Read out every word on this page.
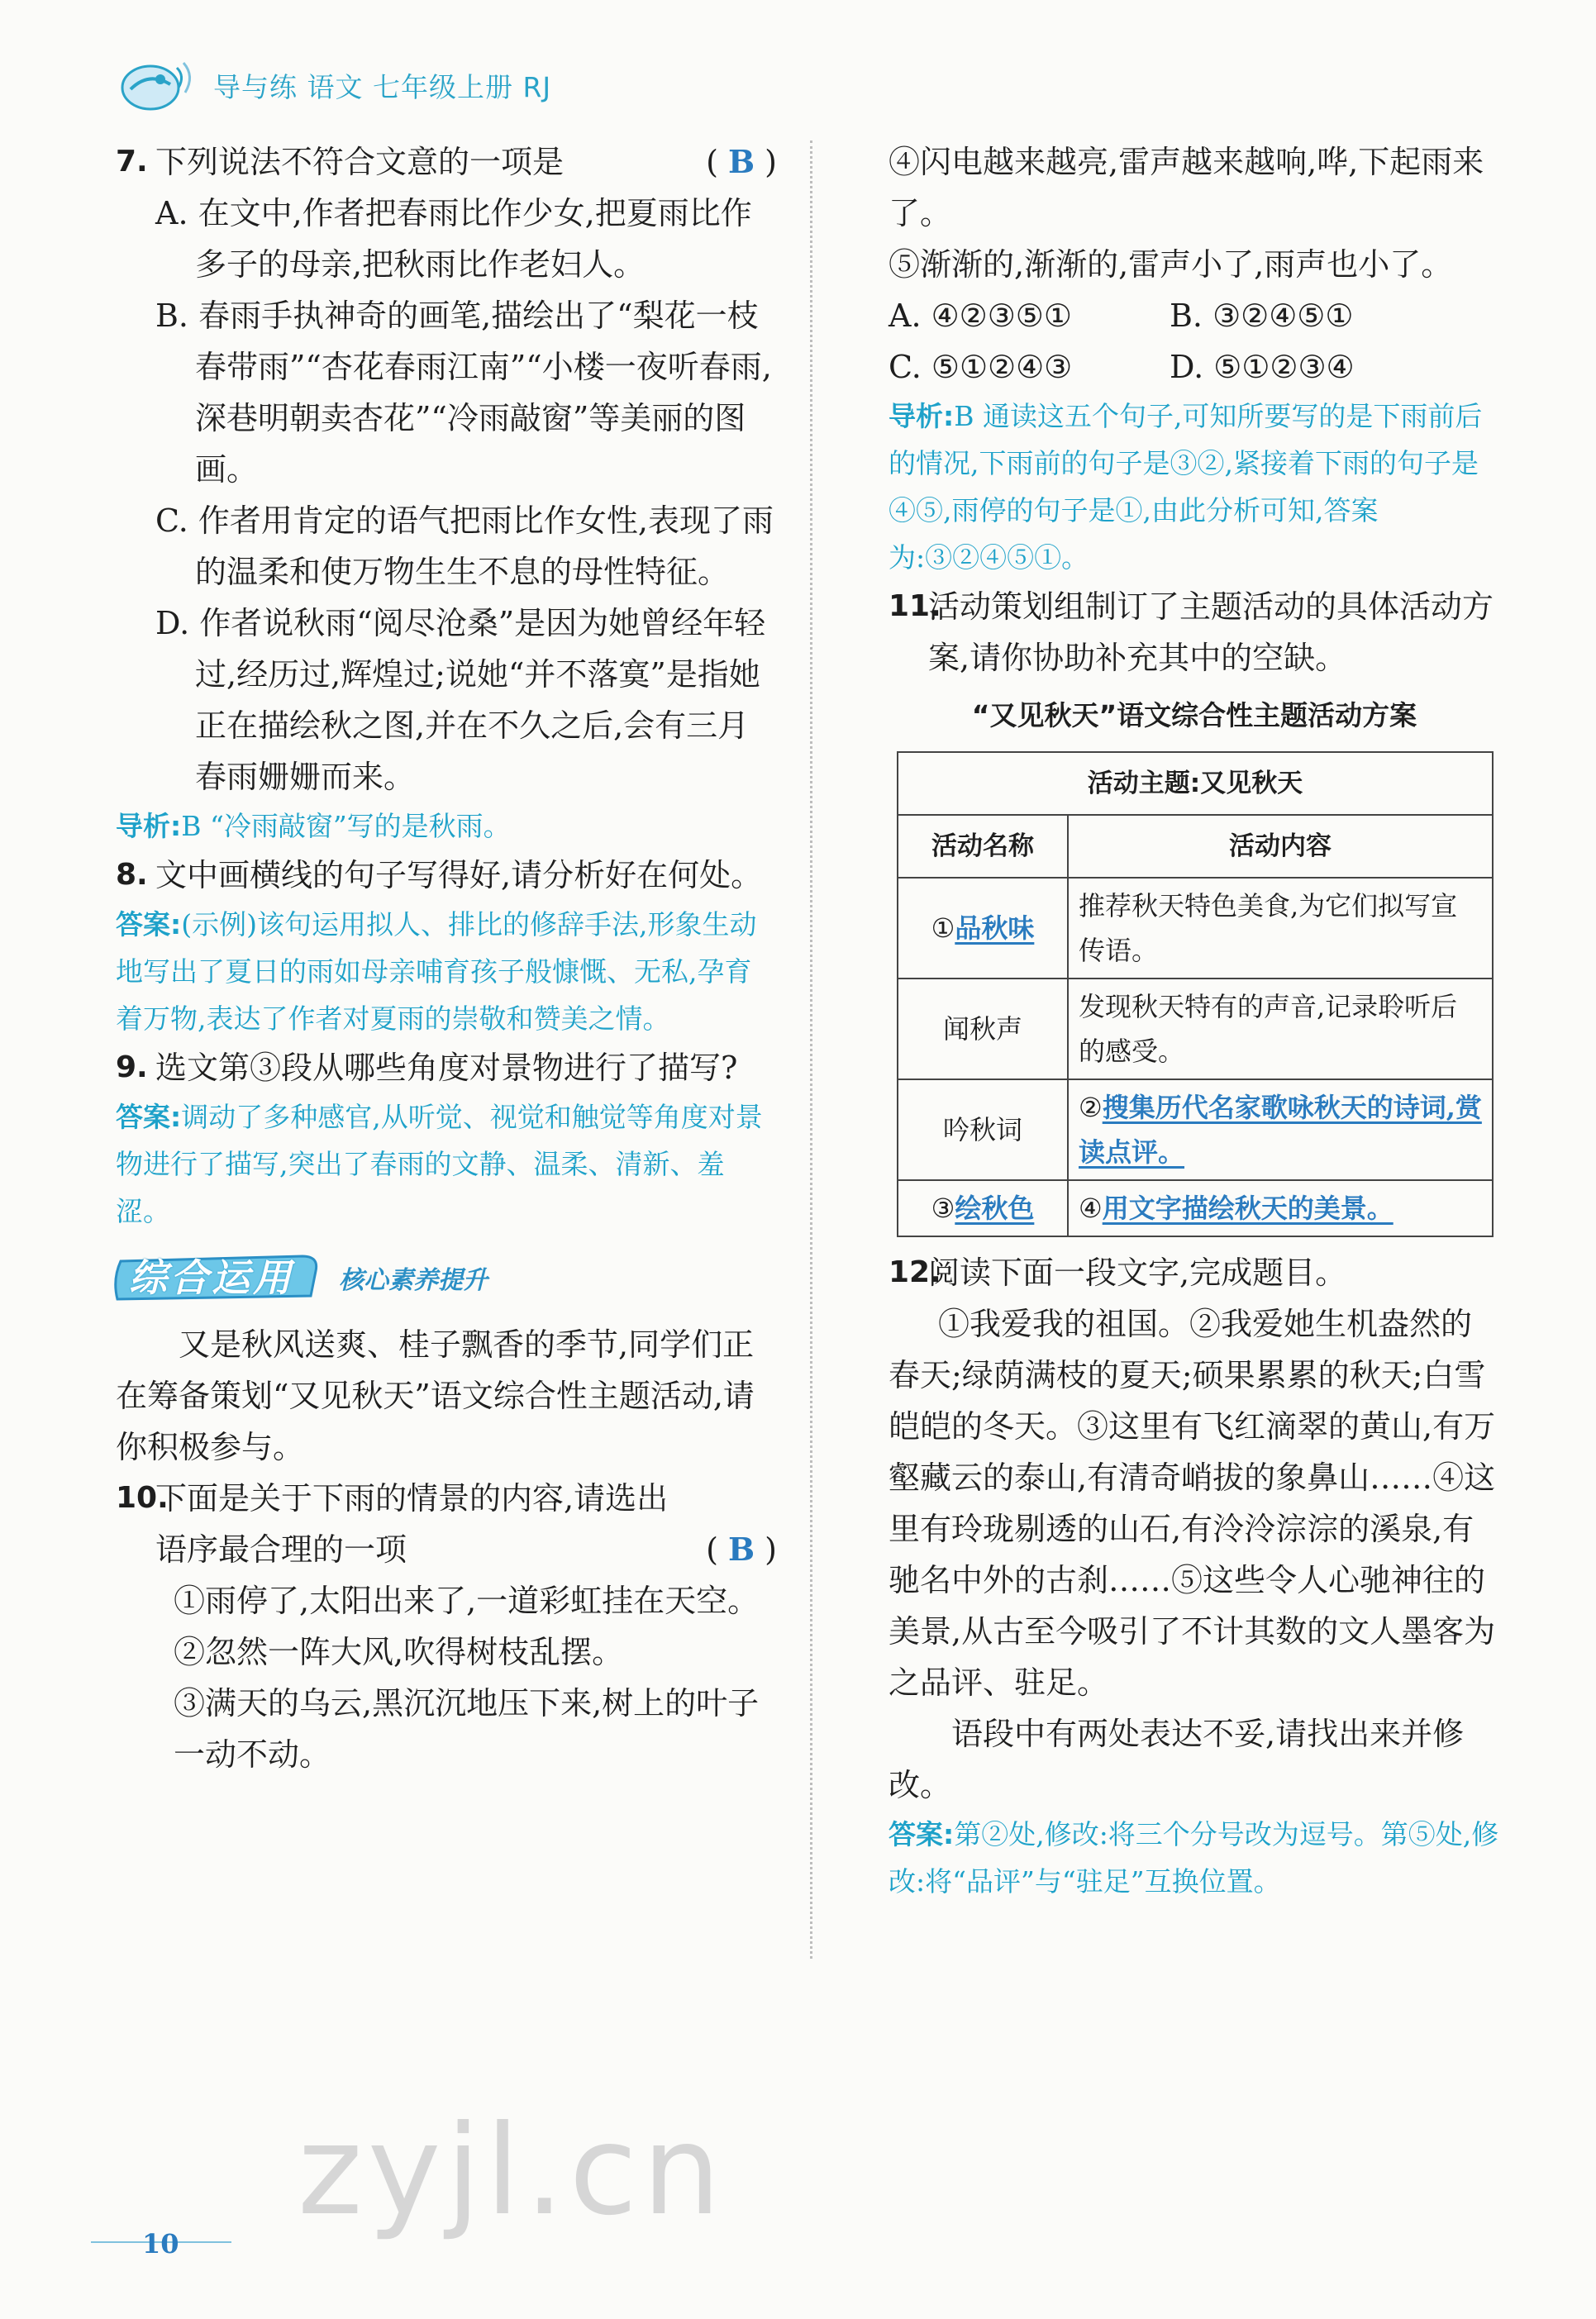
导与练 语文 七年级上册 RJ
7. 下列说法不符合文意的一项是	( B )
A. 在文中,作者把春雨比作少女,把夏雨比作多子的母亲,把秋雨比作老妇人。
B. 春雨手执神奇的画笔,描绘出了“梨花一枝春带雨”“杏花春雨江南”“小楼一夜听春雨,深巷明朝卖杏花”“冷雨敲窗”等美丽的图画。
C. 作者用肯定的语气把雨比作女性,表现了雨的温柔和使万物生生不息的母性特征。
D. 作者说秋雨“阅尽沧桑”是因为她曾经年轻过,经历过,辉煌过;说她“并不落寞”是指她正在描绘秋之图,并在不久之后,会有三月春雨姗姗而来。
导析:B “冷雨敲窗”写的是秋雨。
8. 文中画横线的句子写得好,请分析好在何处。
答案:(示例)该句运用拟人、排比的修辞手法,形象生动地写出了夏日的雨如母亲哺育孩子般慷慨、无私,孕育着万物,表达了作者对夏雨的崇敬和赞美之情。
9. 选文第③段从哪些角度对景物进行了描写?
答案:调动了多种感官,从听觉、视觉和触觉等角度对景物进行了描写,突出了春雨的文静、温柔、清新、羞涩。
综合运用 核心素养提升
又是秋风送爽、桂子飘香的季节,同学们正在筹备策划“又见秋天”语文综合性主题活动,请你积极参与。
10.
下面是关于下雨的情景的内容,请选出语序最合理的一项	( B )
①雨停了,太阳出来了,一道彩虹挂在天空。
②忽然一阵大风,吹得树枝乱摆。
③满天的乌云,黑沉沉地压下来,树上的叶子一动不动。
④闪电越来越亮,雷声越来越响,哗,下起雨来了。
⑤渐渐的,渐渐的,雷声小了,雨声也小了。
A. ④②③⑤①	B. ③②④⑤①
C. ⑤①②④③	D. ⑤①②③④
导析:B 通读这五个句子,可知所要写的是下雨前后的情况,下雨前的句子是③②,紧接着下雨的句子是④⑤,雨停的句子是①,由此分析可知,答案为:③②④⑤①。
11.
活动策划组制订了主题活动的具体活动方案,请你协助补充其中的空缺。
“又见秋天”语文综合性主题活动方案
活动主题:又见秋天	
活动名称	活动内容
①品秋味	推荐秋天特色美食,为它们拟写宣传语。
闻秋声	发现秋天特有的声音,记录聆听后的感受。
吟秋词	②搜集历代名家歌咏秋天的诗词,赏读点评。
③绘秋色	④用文字描绘秋天的美景。
12.
阅读下面一段文字,完成题目。
①我爱我的祖国。②我爱她生机盎然的春天;绿荫满枝的夏天;硕果累累的秋天;白雪皑皑的冬天。③这里有飞红滴翠的黄山,有万壑藏云的泰山,有清奇峭拔的象鼻山……④这里有玲珑剔透的山石,有泠泠淙淙的溪泉,有驰名中外的古刹……⑤这些令人心驰神往的美景,从古至今吸引了不计其数的文人墨客为之品评、驻足。
语段中有两处表达不妥,请找出来并修改。
答案:第②处,修改:将三个分号改为逗号。第⑤处,修改:将“品评”与“驻足”互换位置。
zyjl.cn
10
